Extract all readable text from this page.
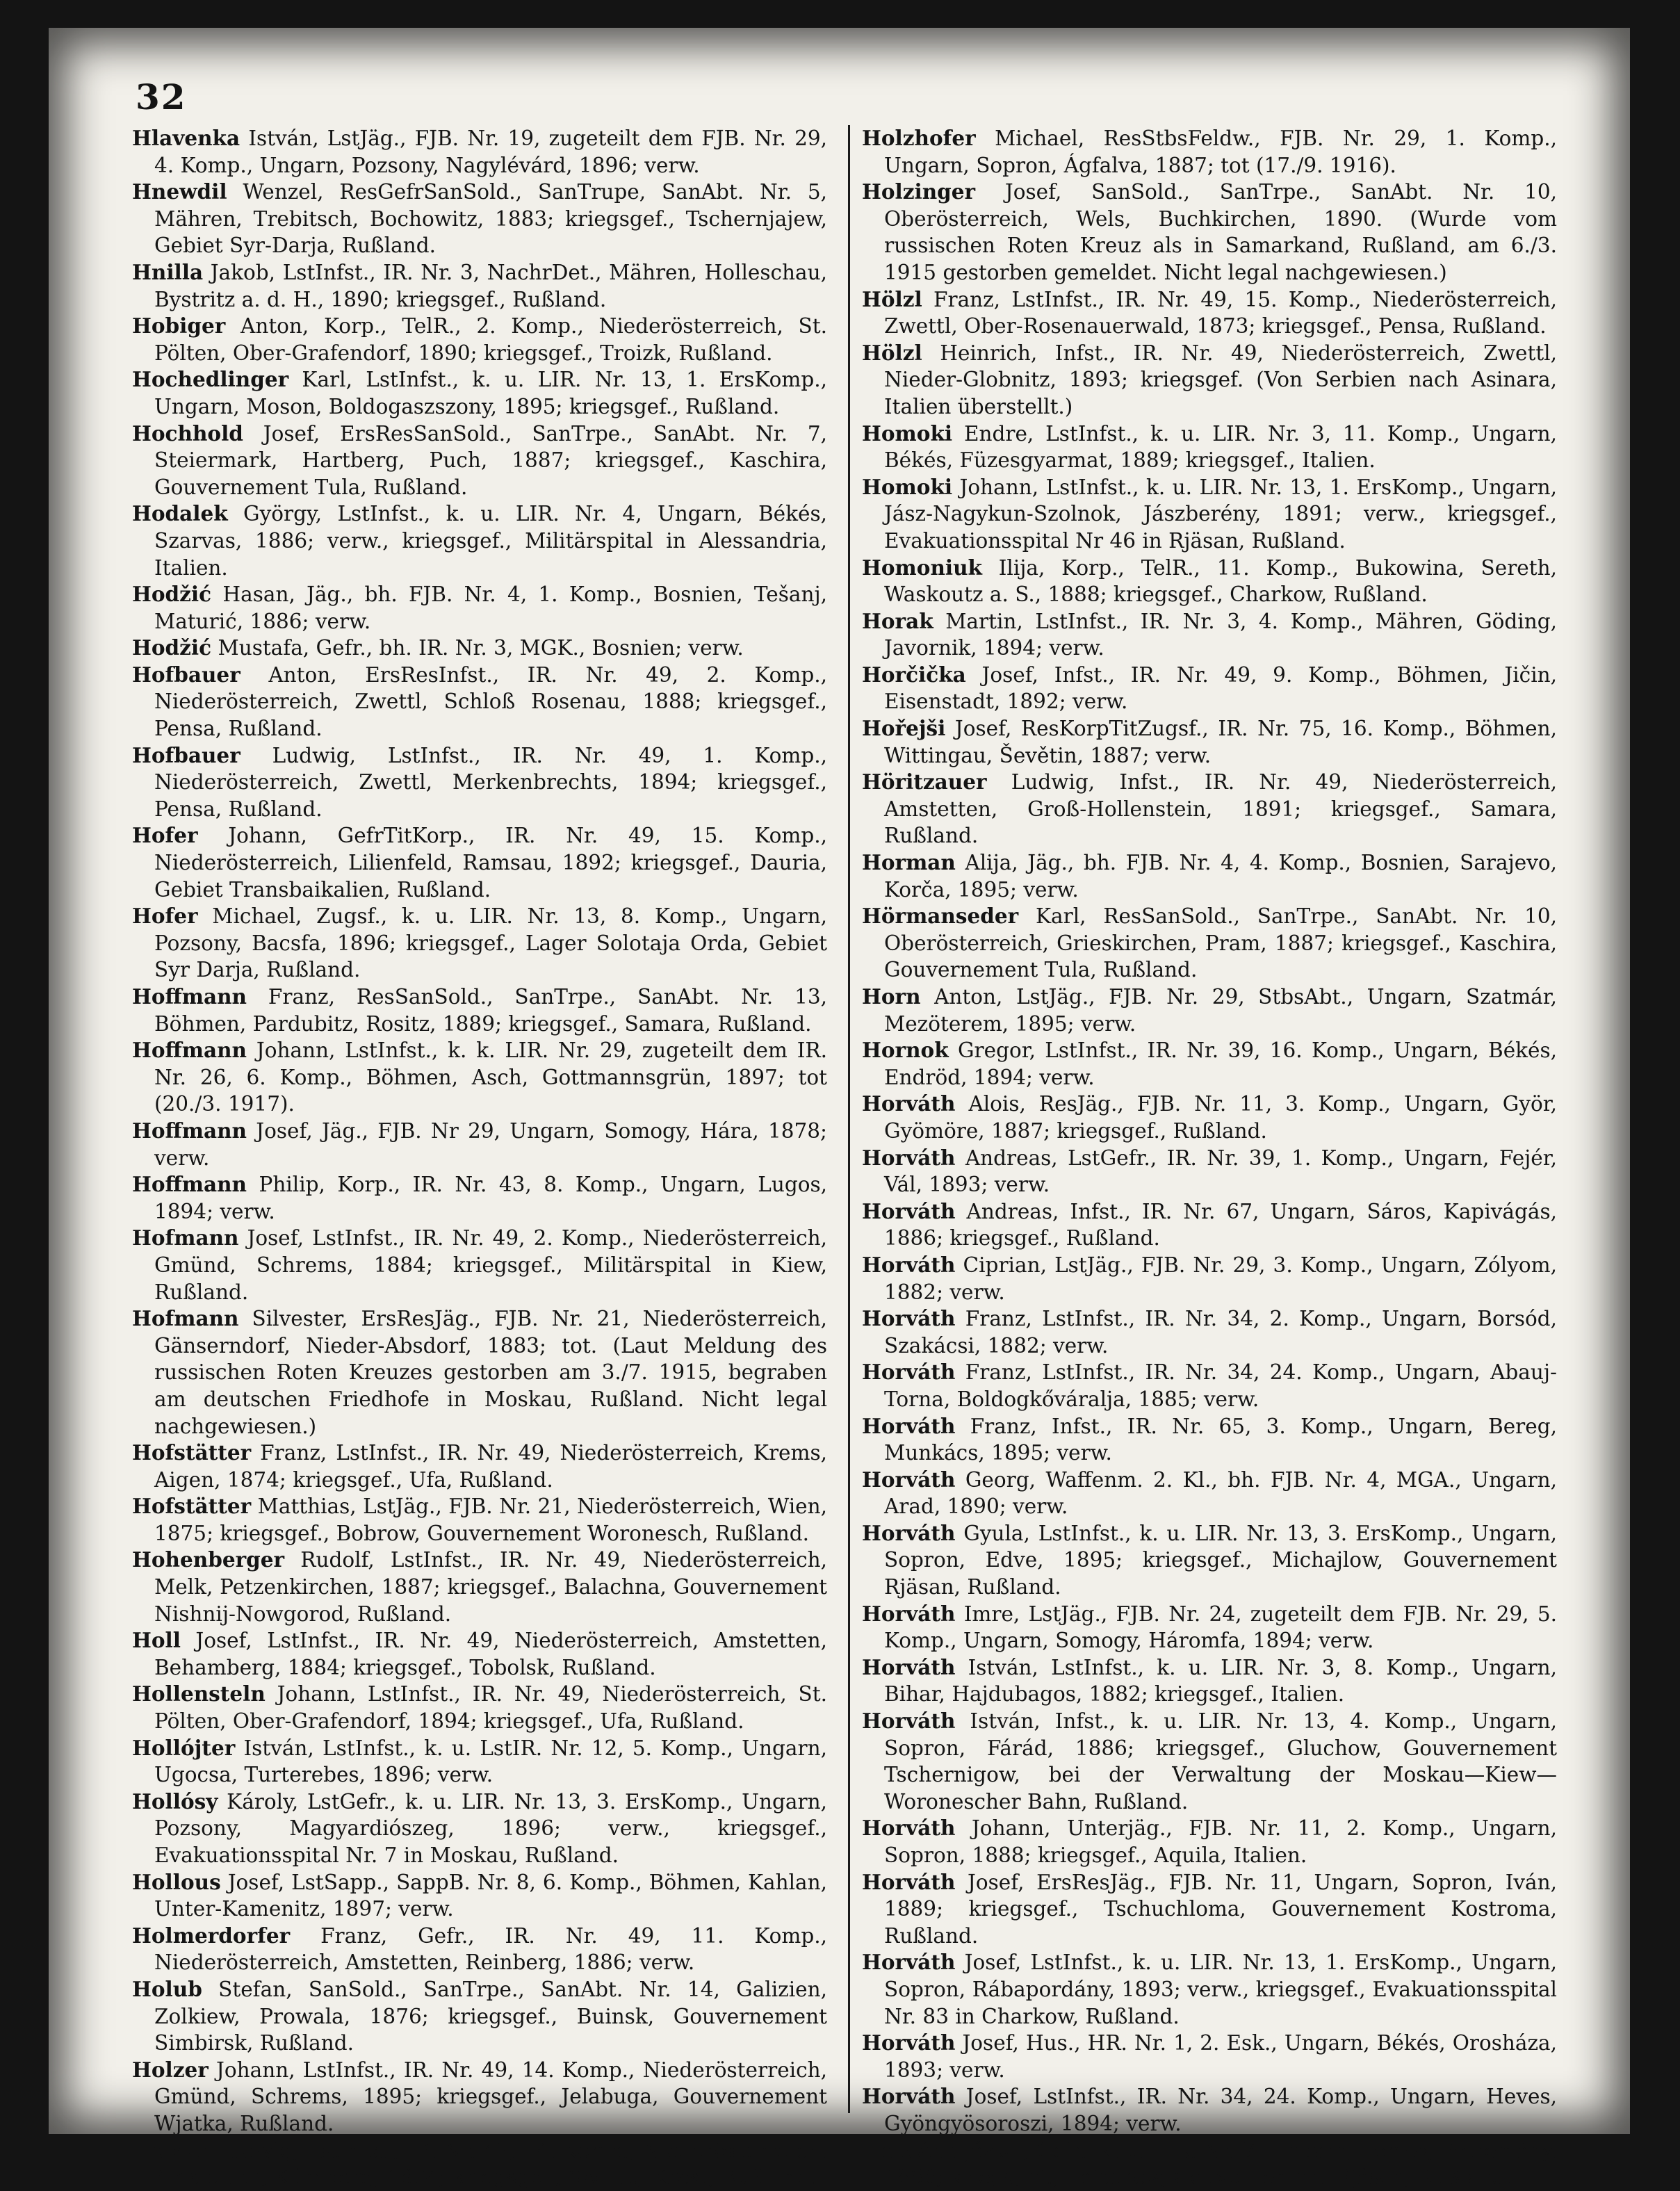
32

Hlavenka István, LstJäg., FJB. Nr. 19, zugeteilt dem FJB. Nr. 29, 4. Komp., Ungarn, Pozsony, Nagylévárd, 1896; verw.

Hnewdil Wenzel, ResGefrSanSold., SanTrupe, SanAbt. Nr. 5, Mähren, Trebitsch, Bochowitz, 1883; kriegsgef., Tschernjajew, Gebiet Syr-Darja, Rußland.

Hnilla Jakob, LstInfst., IR. Nr. 3, NachrDet., Mähren, Holleschau, Bystritz a. d. H., 1890; kriegsgef., Rußland.

Hobiger Anton, Korp., TelR., 2. Komp., Niederösterreich, St. Pölten, Ober-Grafendorf, 1890; kriegsgef., Troizk, Rußland.

Hochedlinger Karl, LstInfst., k. u. LIR. Nr. 13, 1. ErsKomp., Ungarn, Moson, Boldogaszszony, 1895; kriegsgef., Rußland.

Hochhold Josef, ErsResSanSold., SanTrpe., SanAbt. Nr. 7, Steiermark, Hartberg, Puch, 1887; kriegsgef., Kaschira, Gouvernement Tula, Rußland.

Hodalek György, LstInfst., k. u. LIR. Nr. 4, Ungarn, Békés, Szarvas, 1886; verw., kriegsgef., Militärspital in Alessandria, Italien.

Hodžić Hasan, Jäg., bh. FJB. Nr. 4, 1. Komp., Bosnien, Tešanj, Maturić, 1886; verw.

Hodžić Mustafa, Gefr., bh. IR. Nr. 3, MGK., Bosnien; verw.

Hofbauer Anton, ErsResInfst., IR. Nr. 49, 2. Komp., Niederösterreich, Zwettl, Schloß Rosenau, 1888; kriegsgef., Pensa, Rußland.

Hofbauer Ludwig, LstInfst., IR. Nr. 49, 1. Komp., Niederösterreich, Zwettl, Merkenbrechts, 1894; kriegsgef., Pensa, Rußland.

Hofer Johann, GefrTitKorp., IR. Nr. 49, 15. Komp., Niederösterreich, Lilienfeld, Ramsau, 1892; kriegsgef., Dauria, Gebiet Transbaikalien, Rußland.

Hofer Michael, Zugsf., k. u. LIR. Nr. 13, 8. Komp., Ungarn, Pozsony, Bacsfa, 1896; kriegsgef., Lager Solotaja Orda, Gebiet Syr Darja, Rußland.

Hoffmann Franz, ResSanSold., SanTrpe., SanAbt. Nr. 13, Böhmen, Pardubitz, Rositz, 1889; kriegsgef., Samara, Rußland.

Hoffmann Johann, LstInfst., k. k. LIR. Nr. 29, zugeteilt dem IR. Nr. 26, 6. Komp., Böhmen, Asch, Gottmannsgrün, 1897; tot (20./3. 1917).

Hoffmann Josef, Jäg., FJB. Nr 29, Ungarn, Somogy, Hára, 1878; verw.

Hoffmann Philip, Korp., IR. Nr. 43, 8. Komp., Ungarn, Lugos, 1894; verw.

Hofmann Josef, LstInfst., IR. Nr. 49, 2. Komp., Niederösterreich, Gmünd, Schrems, 1884; kriegsgef., Militärspital in Kiew, Rußland.

Hofmann Silvester, ErsResJäg., FJB. Nr. 21, Niederösterreich, Gänserndorf, Nieder-Absdorf, 1883; tot. (Laut Meldung des russischen Roten Kreuzes gestorben am 3./7. 1915, begraben am deutschen Friedhofe in Moskau, Rußland. Nicht legal nachgewiesen.)

Hofstätter Franz, LstInfst., IR. Nr. 49, Niederösterreich, Krems, Aigen, 1874; kriegsgef., Ufa, Rußland.

Hofstätter Matthias, LstJäg., FJB. Nr. 21, Niederösterreich, Wien, 1875; kriegsgef., Bobrow, Gouvernement Woronesch, Rußland.

Hohenberger Rudolf, LstInfst., IR. Nr. 49, Niederösterreich, Melk, Petzenkirchen, 1887; kriegsgef., Balachna, Gouvernement Nishnij-Nowgorod, Rußland.

Holl Josef, LstInfst., IR. Nr. 49, Niederösterreich, Amstetten, Behamberg, 1884; kriegsgef., Tobolsk, Rußland.

Hollensteln Johann, LstInfst., IR. Nr. 49, Niederösterreich, St. Pölten, Ober-Grafendorf, 1894; kriegsgef., Ufa, Rußland.

Hollójter István, LstInfst., k. u. LstIR. Nr. 12, 5. Komp., Ungarn, Ugocsa, Turterebes, 1896; verw.

Hollósy Károly, LstGefr., k. u. LIR. Nr. 13, 3. ErsKomp., Ungarn, Pozsony, Magyardiószeg, 1896; verw., kriegsgef., Evakuationsspital Nr. 7 in Moskau, Rußland.

Hollous Josef, LstSapp., SappB. Nr. 8, 6. Komp., Böhmen, Kahlan, Unter-Kamenitz, 1897; verw.

Holmerdorfer Franz, Gefr., IR. Nr. 49, 11. Komp., Niederösterreich, Amstetten, Reinberg, 1886; verw.

Holub Stefan, SanSold., SanTrpe., SanAbt. Nr. 14, Galizien, Zolkiew, Prowala, 1876; kriegsgef., Buinsk, Gouvernement Simbirsk, Rußland.

Holzer Johann, LstInfst., IR. Nr. 49, 14. Komp., Niederösterreich, Gmünd, Schrems, 1895; kriegsgef., Jelabuga, Gouvernement Wjatka, Rußland.

Holzer Ludwig, LstInfst., IR. Nr. 49, 14. Komp., Niederösterreich, Amstetten, Kürnberg, 1894; kriegsgef., Swjatoj-Krest, Rußland.

Holzhofer Michael, ResStbsFeldw., FJB. Nr. 29, 1. Komp., Ungarn, Sopron, Ágfalva, 1887; tot (17./9. 1916).

Holzinger Josef, SanSold., SanTrpe., SanAbt. Nr. 10, Oberösterreich, Wels, Buchkirchen, 1890. (Wurde vom russischen Roten Kreuz als in Samarkand, Rußland, am 6./3. 1915 gestorben gemeldet. Nicht legal nachgewiesen.)

Hölzl Franz, LstInfst., IR. Nr. 49, 15. Komp., Niederösterreich, Zwettl, Ober-Rosenauerwald, 1873; kriegsgef., Pensa, Rußland.

Hölzl Heinrich, Infst., IR. Nr. 49, Niederösterreich, Zwettl, Nieder-Globnitz, 1893; kriegsgef. (Von Serbien nach Asinara, Italien überstellt.)

Homoki Endre, LstInfst., k. u. LIR. Nr. 3, 11. Komp., Ungarn, Békés, Füzesgyarmat, 1889; kriegsgef., Italien.

Homoki Johann, LstInfst., k. u. LIR. Nr. 13, 1. ErsKomp., Ungarn, Jász-Nagykun-Szolnok, Jászberény, 1891; verw., kriegsgef., Evakuationsspital Nr 46 in Rjäsan, Rußland.

Homoniuk Ilija, Korp., TelR., 11. Komp., Bukowina, Sereth, Waskoutz a. S., 1888; kriegsgef., Charkow, Rußland.

Horak Martin, LstInfst., IR. Nr. 3, 4. Komp., Mähren, Göding, Javornik, 1894; verw.

Horčička Josef, Infst., IR. Nr. 49, 9. Komp., Böhmen, Jičin, Eisenstadt, 1892; verw.

Hořejši Josef, ResKorpTitZugsf., IR. Nr. 75, 16. Komp., Böhmen, Wittingau, Ševětin, 1887; verw.

Höritzauer Ludwig, Infst., IR. Nr. 49, Niederösterreich, Amstetten, Groß-Hollenstein, 1891; kriegsgef., Samara, Rußland.

Horman Alija, Jäg., bh. FJB. Nr. 4, 4. Komp., Bosnien, Sarajevo, Korča, 1895; verw.

Hörmanseder Karl, ResSanSold., SanTrpe., SanAbt. Nr. 10, Oberösterreich, Grieskirchen, Pram, 1887; kriegsgef., Kaschira, Gouvernement Tula, Rußland.

Horn Anton, LstJäg., FJB. Nr. 29, StbsAbt., Ungarn, Szatmár, Mezöterem, 1895; verw.

Hornok Gregor, LstInfst., IR. Nr. 39, 16. Komp., Ungarn, Békés, Endröd, 1894; verw.

Horváth Alois, ResJäg., FJB. Nr. 11, 3. Komp., Ungarn, Györ, Gyömöre, 1887; kriegsgef., Rußland.

Horváth Andreas, LstGefr., IR. Nr. 39, 1. Komp., Ungarn, Fejér, Vál, 1893; verw.

Horváth Andreas, Infst., IR. Nr. 67, Ungarn, Sáros, Kapivágás, 1886; kriegsgef., Rußland.

Horváth Ciprian, LstJäg., FJB. Nr. 29, 3. Komp., Ungarn, Zólyom, 1882; verw.

Horváth Franz, LstInfst., IR. Nr. 34, 2. Komp., Ungarn, Borsód, Szakácsi, 1882; verw.

Horváth Franz, LstInfst., IR. Nr. 34, 24. Komp., Ungarn, Abauj-Torna, Boldogkőváralja, 1885; verw.

Horváth Franz, Infst., IR. Nr. 65, 3. Komp., Ungarn, Bereg, Munkács, 1895; verw.

Horváth Georg, Waffenm. 2. Kl., bh. FJB. Nr. 4, MGA., Ungarn, Arad, 1890; verw.

Horváth Gyula, LstInfst., k. u. LIR. Nr. 13, 3. ErsKomp., Ungarn, Sopron, Edve, 1895; kriegsgef., Michajlow, Gouvernement Rjäsan, Rußland.

Horváth Imre, LstJäg., FJB. Nr. 24, zugeteilt dem FJB. Nr. 29, 5. Komp., Ungarn, Somogy, Háromfa, 1894; verw.

Horváth István, LstInfst., k. u. LIR. Nr. 3, 8. Komp., Ungarn, Bihar, Hajdubagos, 1882; kriegsgef., Italien.

Horváth István, Infst., k. u. LIR. Nr. 13, 4. Komp., Ungarn, Sopron, Fárád, 1886; kriegsgef., Gluchow, Gouvernement Tschernigow, bei der Verwaltung der Moskau—Kiew—Woronescher Bahn, Rußland.

Horváth Johann, Unterjäg., FJB. Nr. 11, 2. Komp., Ungarn, Sopron, 1888; kriegsgef., Aquila, Italien.

Horváth Josef, ErsResJäg., FJB. Nr. 11, Ungarn, Sopron, Iván, 1889; kriegsgef., Tschuchloma, Gouvernement Kostroma, Rußland.

Horváth Josef, LstInfst., k. u. LIR. Nr. 13, 1. ErsKomp., Ungarn, Sopron, Rábapordány, 1893; verw., kriegsgef., Evakuationsspital Nr. 83 in Charkow, Rußland.

Horváth Josef, Hus., HR. Nr. 1, 2. Esk., Ungarn, Békés, Orosháza, 1893; verw.

Horváth Josef, LstInfst., IR. Nr. 34, 24. Komp., Ungarn, Heves, Gyöngyösoroszi, 1894; verw.

Horváth József, Gefr., k. u. LIR. Nr. 7, Ungarn, Temes, Petromány, 1886; kriegsgef., Laischow, Gouvernement Rjäsan, Rußland.
